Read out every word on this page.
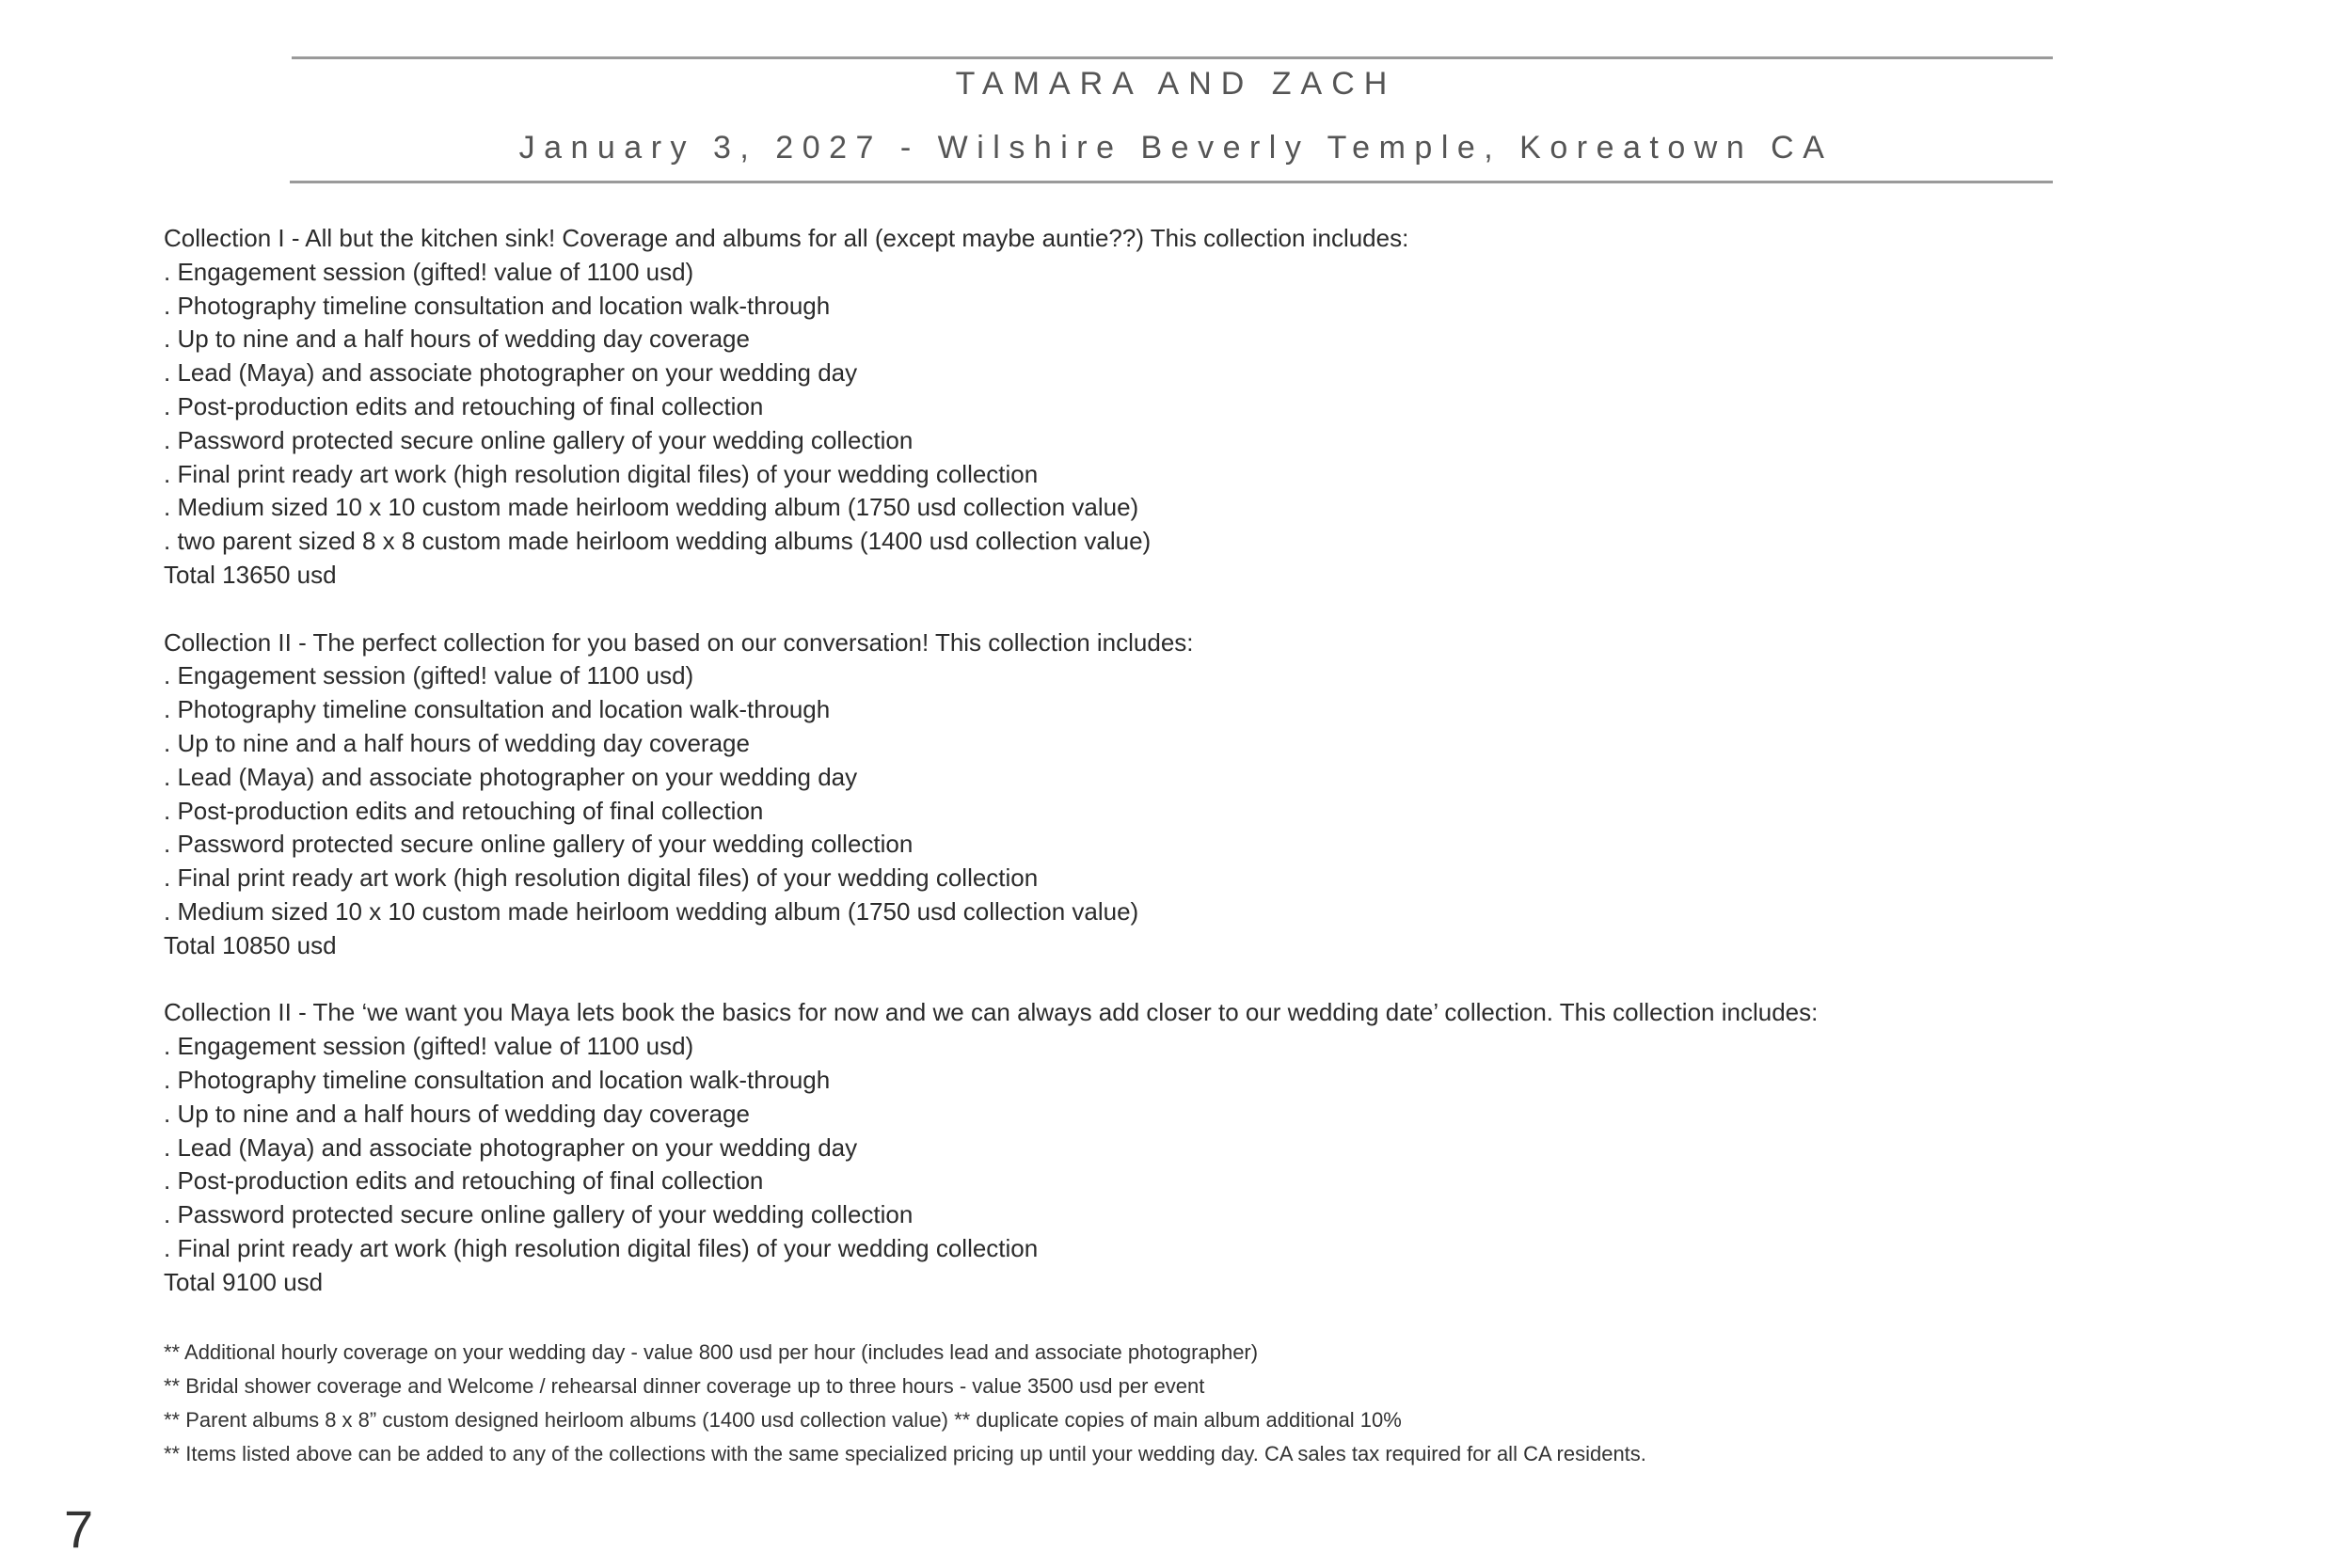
TAMARA AND ZACH
January 3, 2027 - Wilshire Beverly Temple, Koreatown CA
Collection I - All but the kitchen sink! Coverage and albums for all (except maybe auntie??) This collection includes:
. Engagement session (gifted! value of 1100 usd)
. Photography timeline consultation and location walk-through
. Up to nine and a half hours of wedding day coverage
. Lead (Maya) and associate photographer on your wedding day
. Post-production edits and retouching of final collection
. Password protected secure online gallery of your wedding collection
. Final print ready art work (high resolution digital files) of your wedding collection
. Medium sized 10 x 10 custom made heirloom wedding album (1750 usd collection value)
. two parent sized 8 x 8 custom made heirloom wedding albums (1400 usd collection value)
Total 13650 usd
Collection II - The perfect collection for you based on our conversation! This collection includes:
. Engagement session (gifted! value of 1100 usd)
. Photography timeline consultation and location walk-through
. Up to nine and a half hours of wedding day coverage
. Lead (Maya) and associate photographer on your wedding day
. Post-production edits and retouching of final collection
. Password protected secure online gallery of your wedding collection
. Final print ready art work (high resolution digital files) of your wedding collection
. Medium sized 10 x 10 custom made heirloom wedding album (1750 usd collection value)
Total 10850 usd
Collection II - The ‘we want you Maya lets book the basics for now and we can always add closer to our wedding date’ collection. This collection includes:
. Engagement session (gifted! value of 1100 usd)
. Photography timeline consultation and location walk-through
. Up to nine and a half hours of wedding day coverage
. Lead (Maya) and associate photographer on your wedding day
. Post-production edits and retouching of final collection
. Password protected secure online gallery of your wedding collection
. Final print ready art work (high resolution digital files) of your wedding collection
Total 9100 usd
** Additional hourly coverage on your wedding day - value 800 usd per hour (includes lead and associate photographer)
** Bridal shower coverage and Welcome / rehearsal dinner coverage up to three hours - value 3500 usd per event
** Parent albums 8 x 8” custom designed heirloom albums (1400 usd collection value) ** duplicate copies of main album additional 10%
** Items listed above can be added to any of the collections with the same specialized pricing up until your wedding day. CA sales tax required for all CA residents.
7
